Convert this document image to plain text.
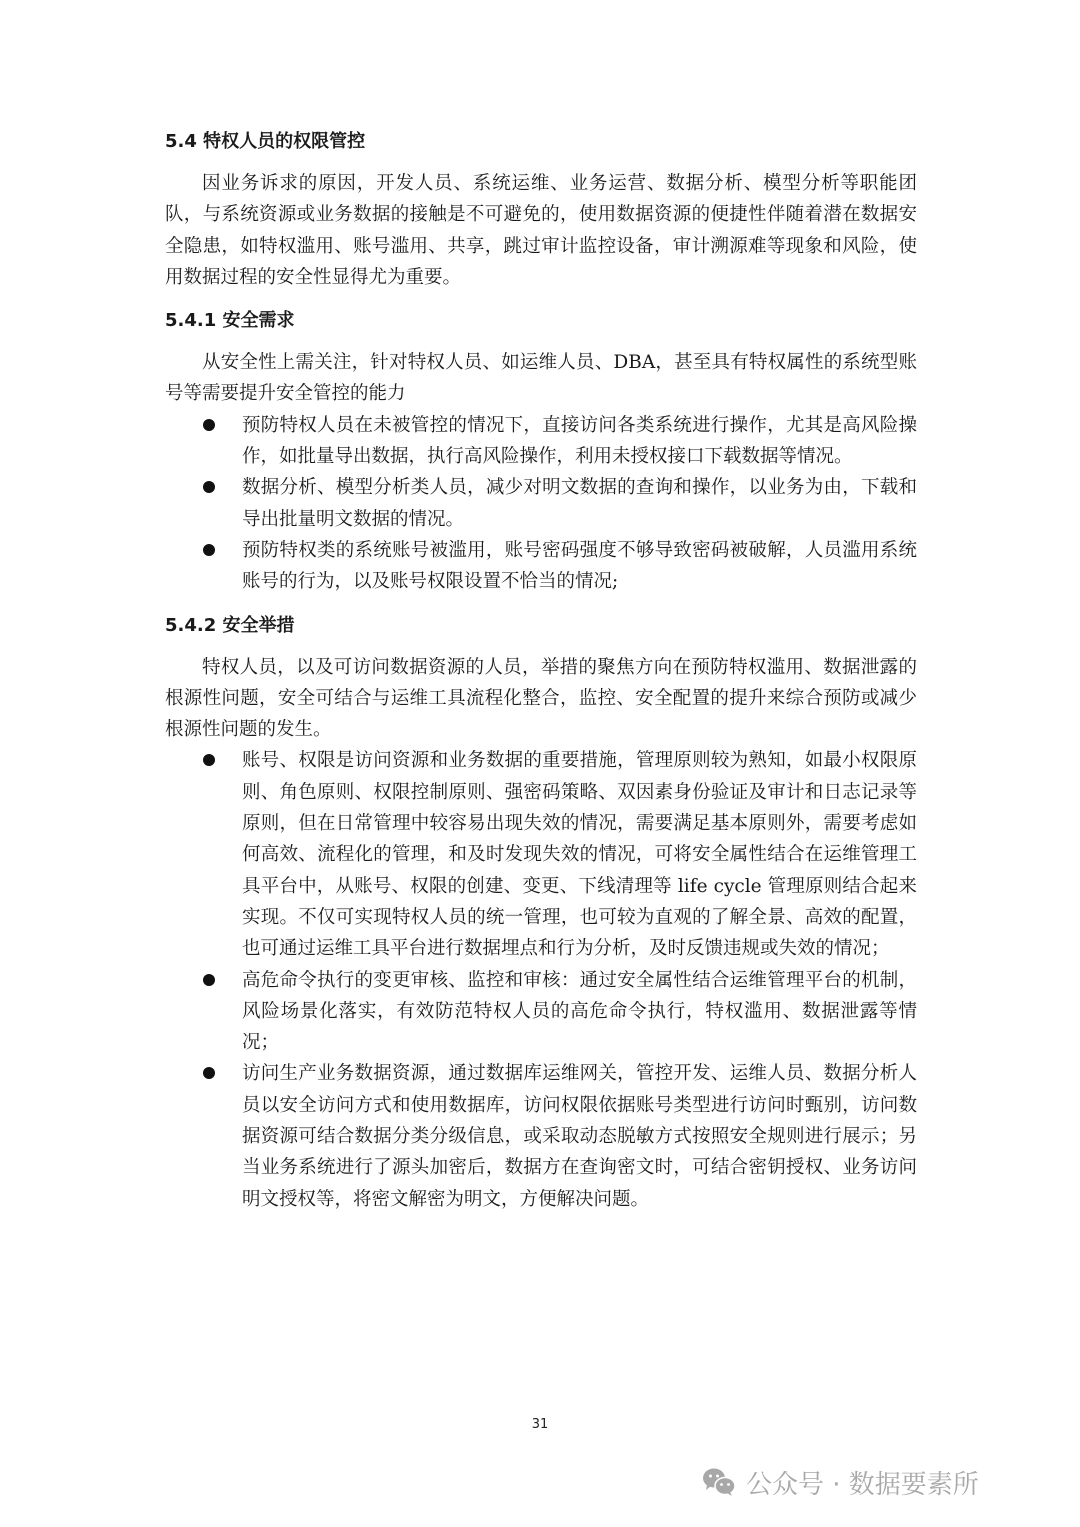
5.4 特权人员的权限管控

因业务诉求的原因，开发人员、系统运维、业务运营、数据分析、模型分析等职能团队，与系统资源或业务数据的接触是不可避免的，使用数据资源的便捷性伴随着潜在数据安全隐患，如特权滥用、账号滥用、共享，跳过审计监控设备，审计溯源难等现象和风险，使用数据过程的安全性显得尤为重要。

5.4.1 安全需求

从安全性上需关注，针对特权人员、如运维人员、DBA，甚至具有特权属性的系统型账号等需要提升安全管控的能力

预防特权人员在未被管控的情况下，直接访问各类系统进行操作，尤其是高风险操作，如批量导出数据，执行高风险操作，利用未授权接口下载数据等情况。
数据分析、模型分析类人员，减少对明文数据的查询和操作，以业务为由，下载和导出批量明文数据的情况。
预防特权类的系统账号被滥用，账号密码强度不够导致密码被破解，人员滥用系统账号的行为，以及账号权限设置不恰当的情况;
5.4.2 安全举措

特权人员，以及可访问数据资源的人员，举措的聚焦方向在预防特权滥用、数据泄露的根源性问题，安全可结合与运维工具流程化整合，监控、安全配置的提升来综合预防或减少根源性问题的发生。

账号、权限是访问资源和业务数据的重要措施，管理原则较为熟知，如最小权限原则、角色原则、权限控制原则、强密码策略、双因素身份验证及审计和日志记录等原则，但在日常管理中较容易出现失效的情况，需要满足基本原则外，需要考虑如何高效、流程化的管理，和及时发现失效的情况，可将安全属性结合在运维管理工具平台中，从账号、权限的创建、变更、下线清理等 life cycle 管理原则结合起来实现。不仅可实现特权人员的统一管理，也可较为直观的了解全景、高效的配置，也可通过运维工具平台进行数据埋点和行为分析，及时反馈违规或失效的情况；
高危命令执行的变更审核、监控和审核：通过安全属性结合运维管理平台的机制，风险场景化落实，有效防范特权人员的高危命令执行，特权滥用、数据泄露等情况；
访问生产业务数据资源，通过数据库运维网关，管控开发、运维人员、数据分析人员以安全访问方式和使用数据库，访问权限依据账号类型进行访问时甄别，访问数据资源可结合数据分类分级信息，或采取动态脱敏方式按照安全规则进行展示；另当业务系统进行了源头加密后，数据方在查询密文时，可结合密钥授权、业务访问明文授权等，将密文解密为明文，方便解决问题。
31
公众号 · 数据要素所
